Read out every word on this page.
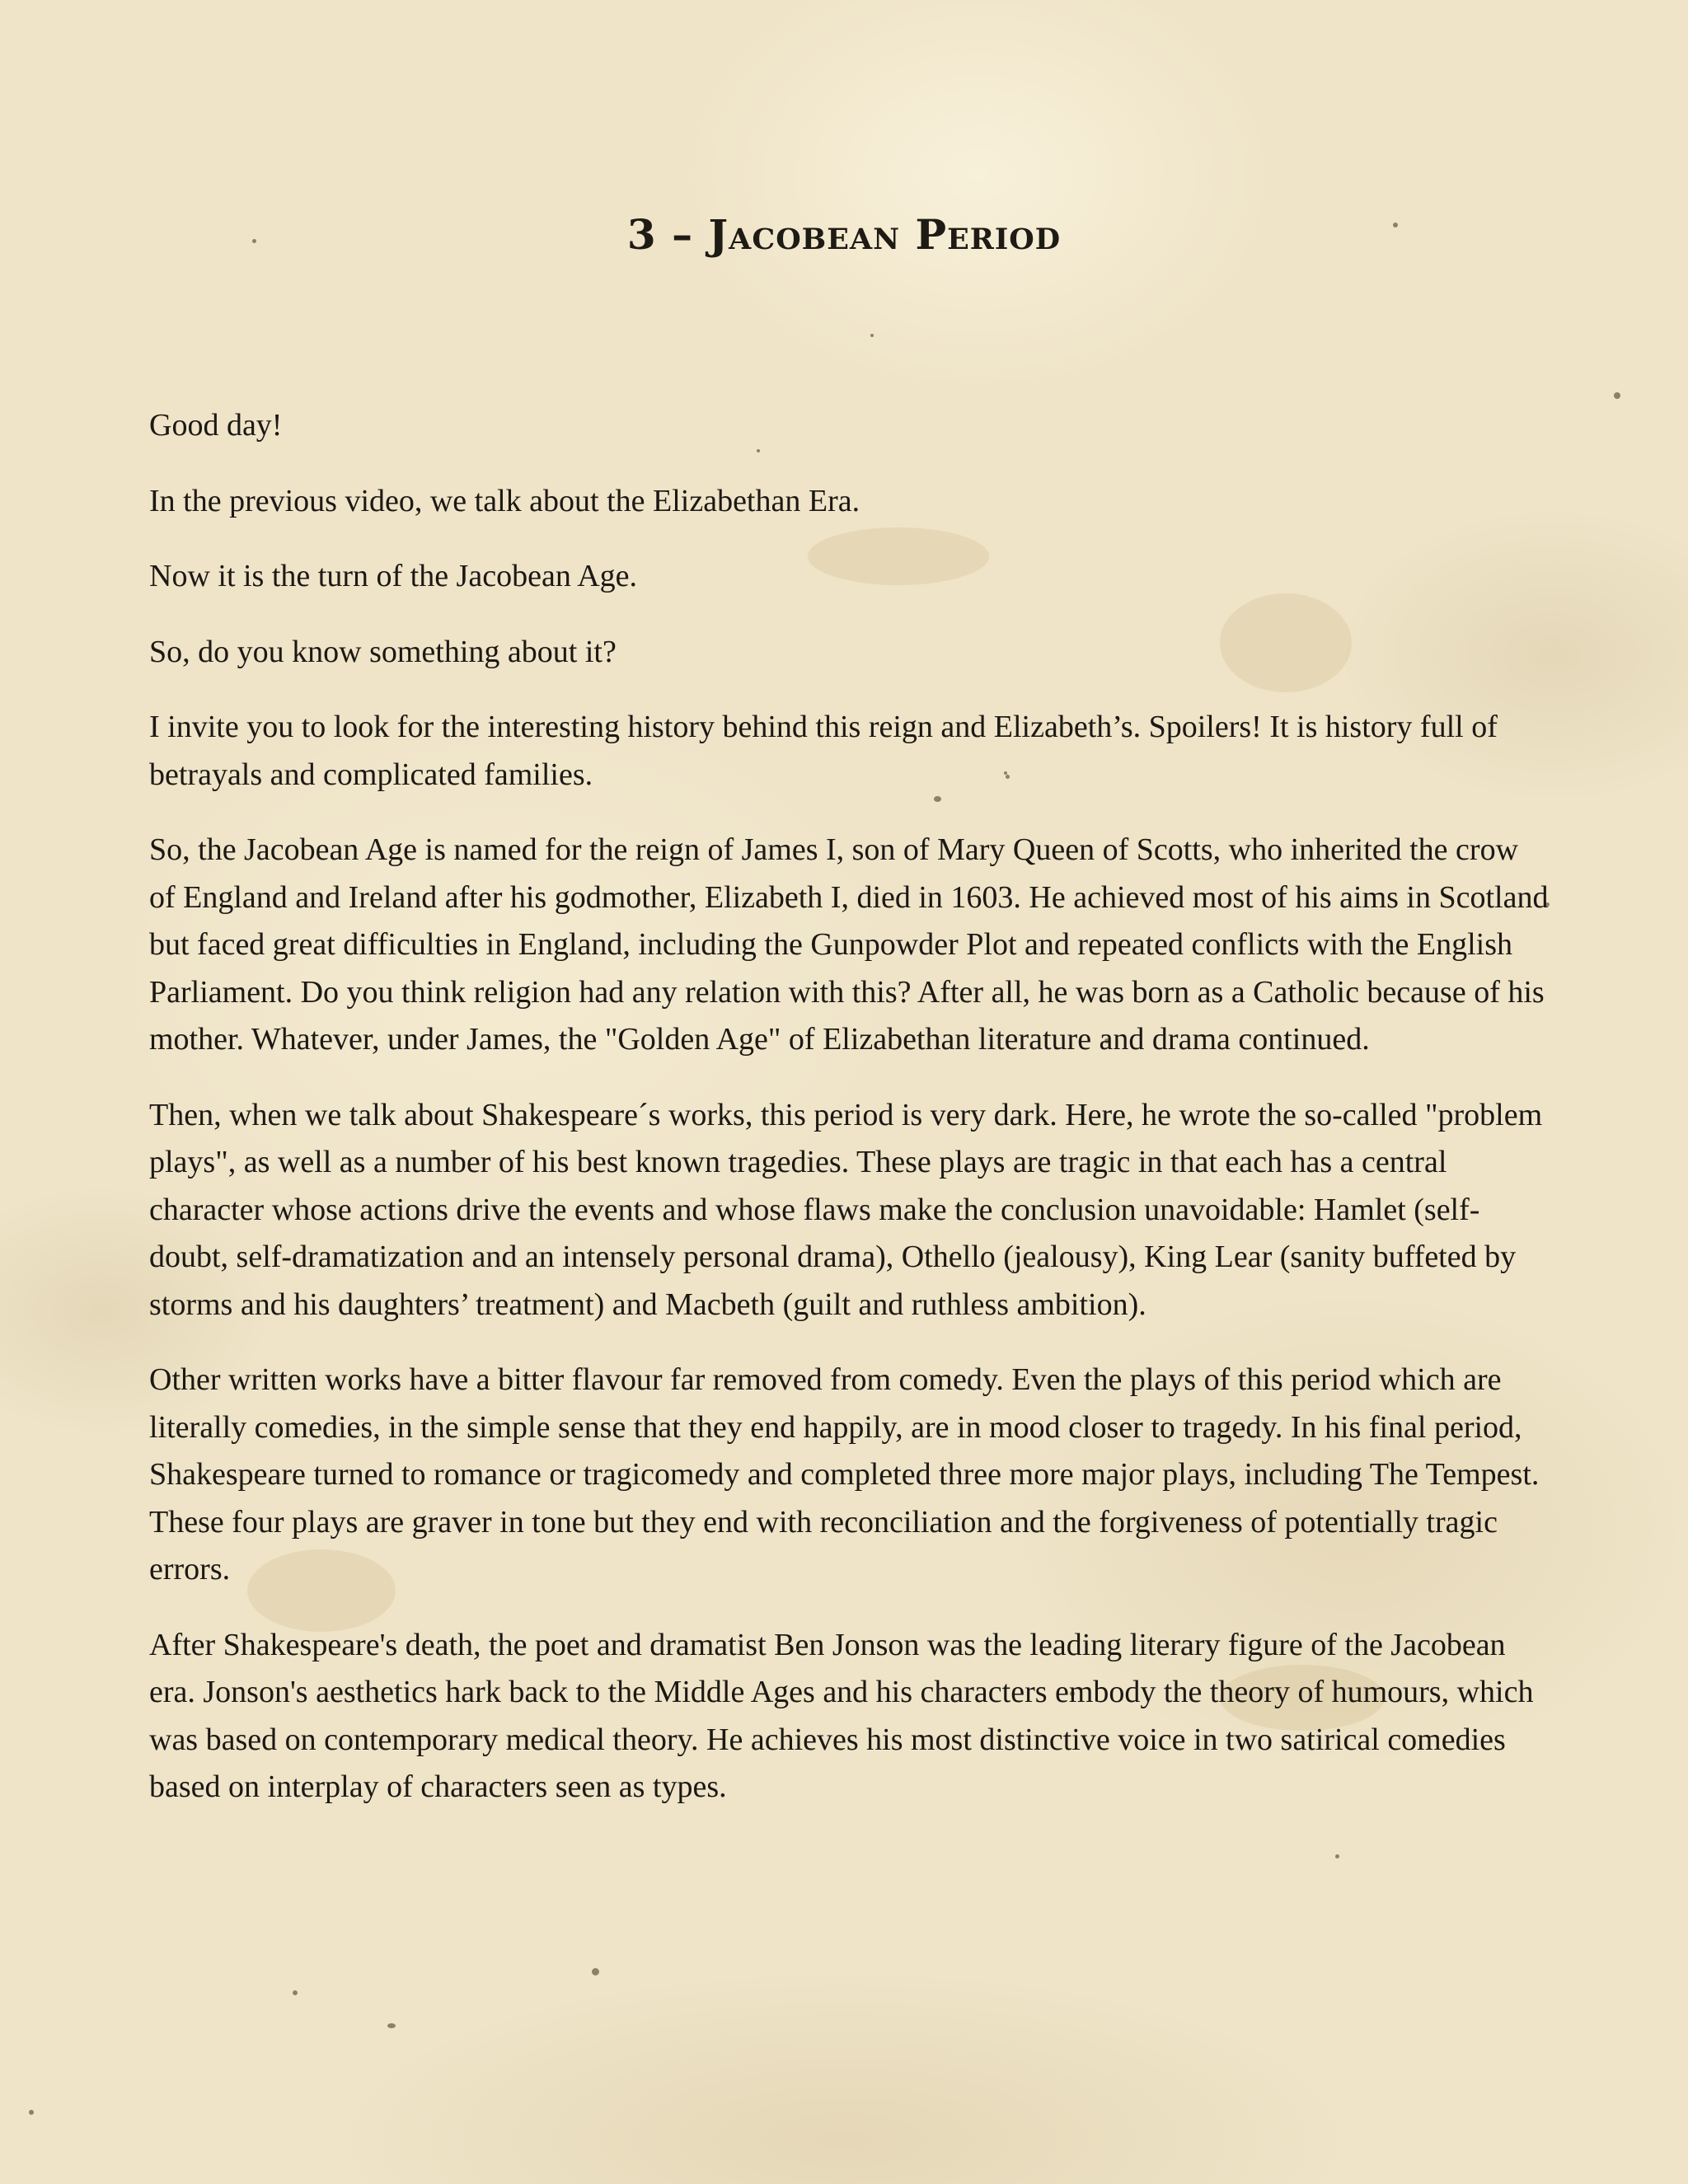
3 – Jacobean Period

Good day!

In the previous video, we talk about the Elizabethan Era.

Now it is the turn of the Jacobean Age.

So, do you know something about it?

I invite you to look for the interesting history behind this reign and Elizabeth’s. Spoilers! It is history full of betrayals and complicated families.

So, the Jacobean Age is named for the reign of James I, son of Mary Queen of Scotts, who inherited the crow of England and Ireland after his godmother, Elizabeth I, died in 1603. He achieved most of his aims in Scotland but faced great difficulties in England, including the Gunpowder Plot and repeated conflicts with the English Parliament. Do you think religion had any relation with this? After all, he was born as a Catholic because of his mother. Whatever, under James, the "Golden Age" of Elizabethan literature and drama continued.

Then, when we talk about Shakespeare´s works, this period is very dark. Here, he wrote the so-called "problem plays", as well as a number of his best known tragedies. These plays are tragic in that each has a central character whose actions drive the events and whose flaws make the conclusion unavoidable: Hamlet (self-doubt, self-dramatization and an intensely personal drama), Othello (jealousy), King Lear (sanity buffeted by storms and his daughters’ treatment) and Macbeth (guilt and ruthless ambition).

Other written works have a bitter flavour far removed from comedy. Even the plays of this period which are literally comedies, in the simple sense that they end happily, are in mood closer to tragedy. In his final period, Shakespeare turned to romance or tragicomedy and completed three more major plays, including The Tempest. These four plays are graver in tone but they end with reconciliation and the forgiveness of potentially tragic errors.

After Shakespeare's death, the poet and dramatist Ben Jonson was the leading literary figure of the Jacobean era. Jonson's aesthetics hark back to the Middle Ages and his characters embody the theory of humours, which was based on contemporary medical theory. He achieves his most distinctive voice in two satirical comedies based on interplay of characters seen as types.
